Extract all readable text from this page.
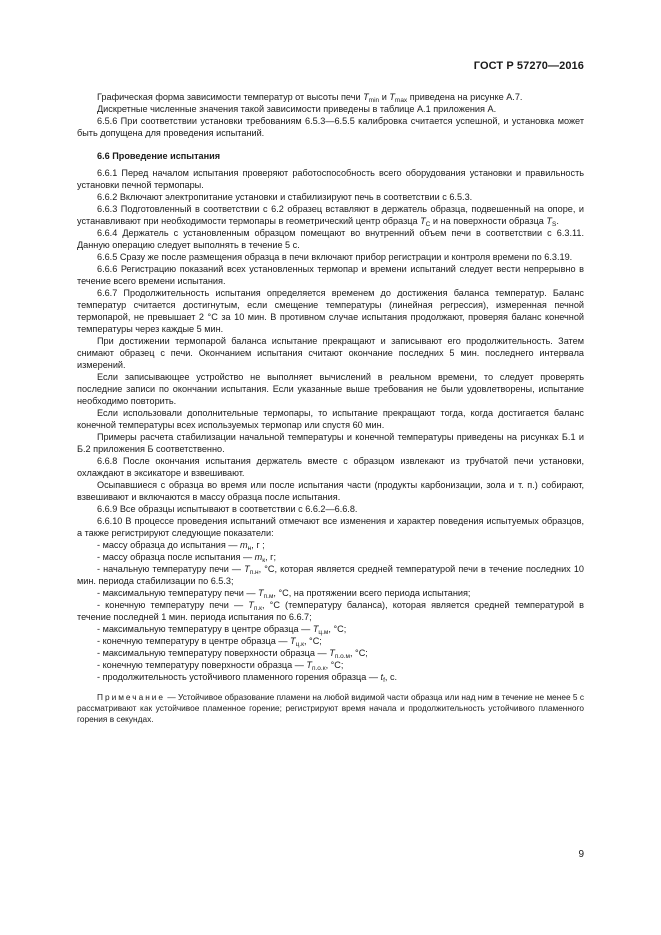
ГОСТ Р 57270—2016

Графическая форма зависимости температур от высоты печи $T_{min}$ и $T_{max}$ приведена на рисунке А.7.

Дискретные численные значения такой зависимости приведены в таблице А.1 приложения А.

6.5.6 При соответствии установки требованиям 6.5.3—6.5.5 калибровка считается успешной, и установка может быть допущена для проведения испытаний.

6.6 Проведение испытания

6.6.1 Перед началом испытания проверяют работоспособность всего оборудования установки и правильность установки печной термопары.

6.6.2 Включают электропитание установки и стабилизируют печь в соответствии с 6.5.3.

6.6.3 Подготовленный в соответствии с 6.2 образец вставляют в держатель образца, подвешенный на опоре, и устанавливают при необходимости термопары в геометрический центр образца $T_C$ и на поверхности образца $T_S$.

6.6.4 Держатель с установленным образцом помещают во внутренний объем печи в соответствии с 6.3.11. Данную операцию следует выполнять в течение 5 с.

6.6.5 Сразу же после размещения образца в печи включают прибор регистрации и контроля времени по 6.3.19.

6.6.6 Регистрацию показаний всех установленных термопар и времени испытаний следует вести непрерывно в течение всего времени испытания.

6.6.7 Продолжительность испытания определяется временем до достижения баланса температур. Баланс температур считается достигнутым, если смещение температуры (линейная регрессия), измеренная печной термопарой, не превышает 2 °С за 10 мин. В противном случае испытания продолжают, проверяя баланс конечной температуры через каждые 5 мин.

При достижении термопарой баланса испытание прекращают и записывают его продолжительность. Затем снимают образец с печи. Окончанием испытания считают окончание последних 5 мин. последнего интервала измерений.

Если записывающее устройство не выполняет вычислений в реальном времени, то следует проверять последние записи по окончании испытания. Если указанные выше требования не были удовлетворены, испытание необходимо повторить.

Если использовали дополнительные термопары, то испытание прекращают тогда, когда достигается баланс конечной температуры всех используемых термопар или спустя 60 мин.

Примеры расчета стабилизации начальной температуры и конечной температуры приведены на рисунках Б.1 и Б.2 приложения Б соответственно.

6.6.8 После окончания испытания держатель вместе с образцом извлекают из трубчатой печи установки, охлаждают в эксикаторе и взвешивают.

Осыпавшиеся с образца во время или после испытания части (продукты карбонизации, зола и т. п.) собирают, взвешивают и включаются в массу образца после испытания.

6.6.9 Все образцы испытывают в соответствии с 6.6.2—6.6.8.

6.6.10 В процессе проведения испытаний отмечают все изменения и характер поведения испытуемых образцов, а также регистрируют следующие показатели:

- массу образца до испытания — $m_н$, г ;

- массу образца после испытания — $m_к$, г;

- начальную температуру печи — $T_{п.н}$, °С, которая является средней температурой печи в течение последних 10 мин. периода стабилизации по 6.5.3;

- максимальную температуру печи — $T_{п.м}$, °С, на протяжении всего периода испытания;

- конечную температуру печи — $T_{п.к}$, °С (температуру баланса), которая является средней температурой в течение последней 1 мин. периода испытания по 6.6.7;

- максимальную температуру в центре образца — $T_{ц.м}$, °С;

- конечную температуру в центре образца — $T_{ц.к}$, °С;

- максимальную температуру поверхности образца — $T_{п.о.м}$, °С;

- конечную температуру поверхности образца — $T_{п.о.к}$, °С;

- продолжительность устойчивого пламенного горения образца — $t_f$, с.

Примечание — Устойчивое образование пламени на любой видимой части образца или над ним в течение не менее 5 с рассматривают как устойчивое пламенное горение; регистрируют время начала и продолжительность устойчивого пламенного горения в секундах.

9
